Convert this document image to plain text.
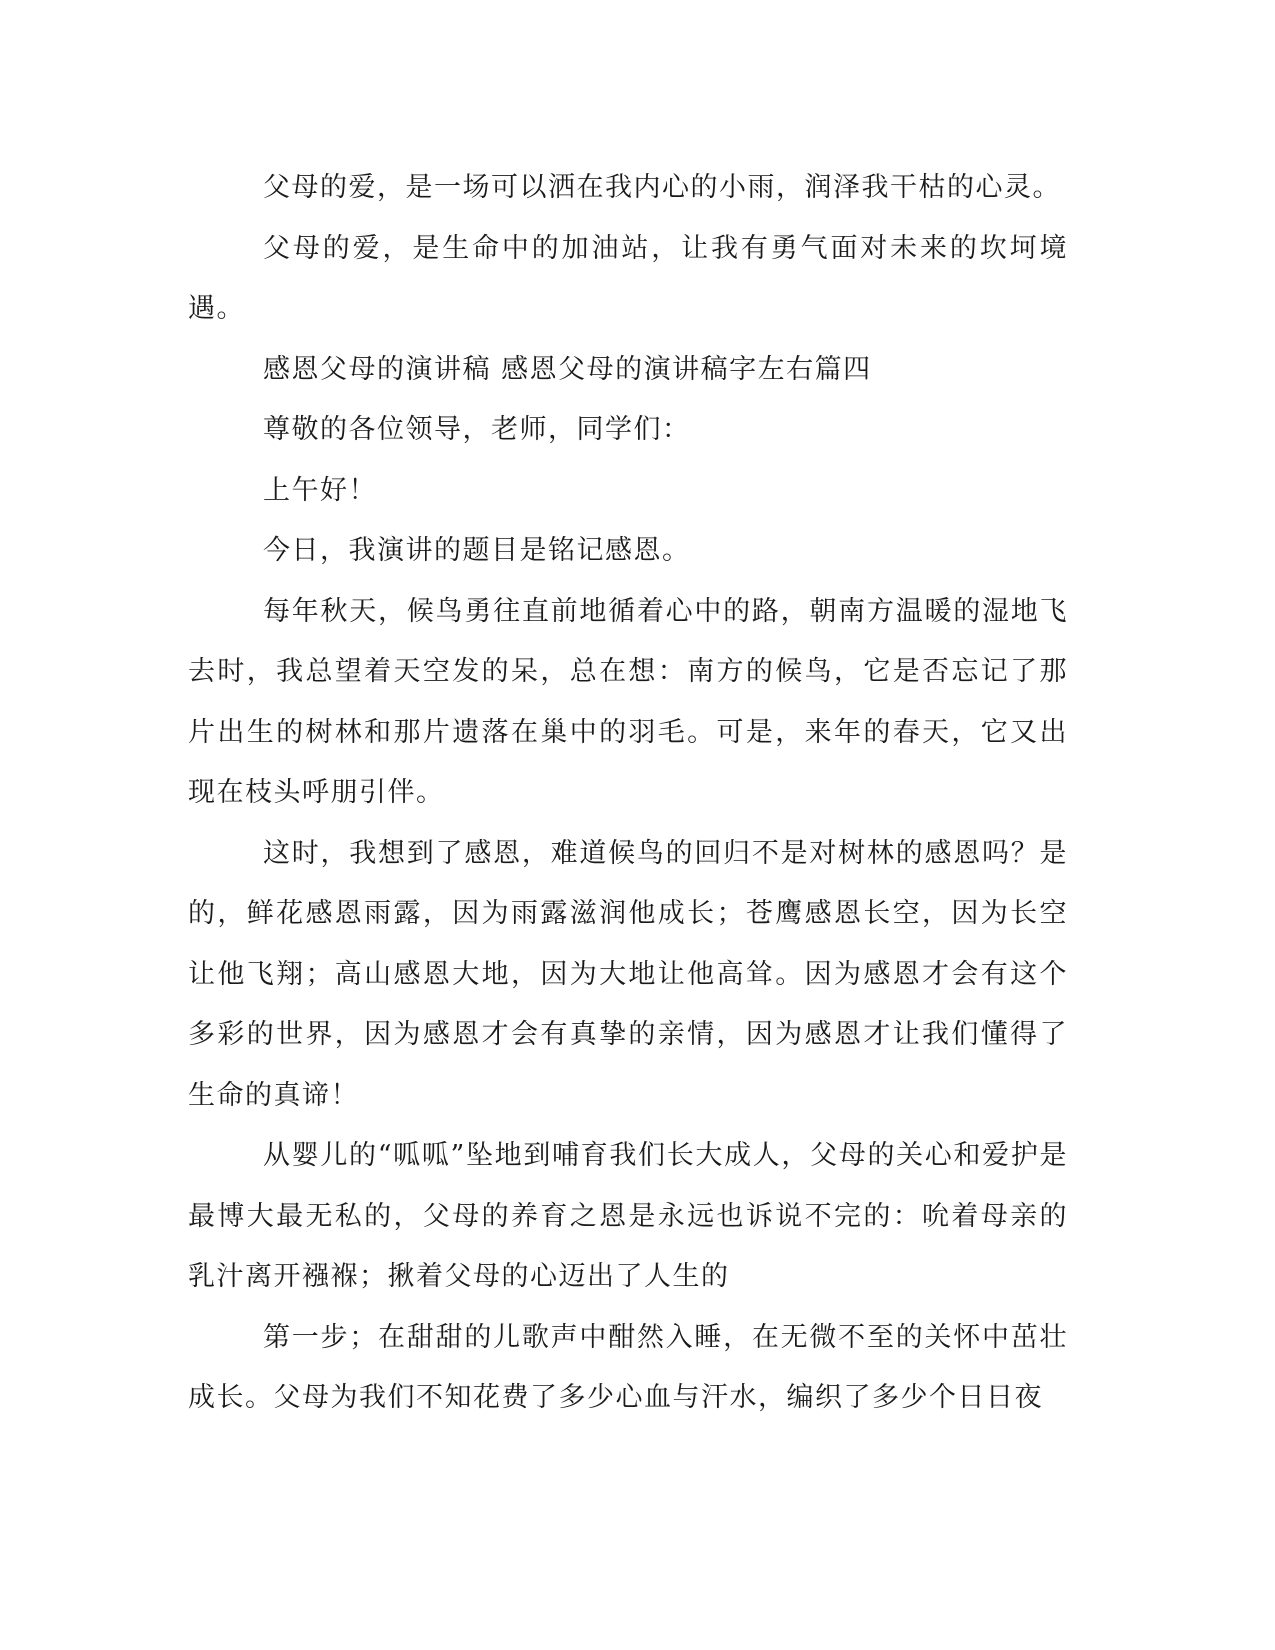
父母的爱，是一场可以洒在我内心的小雨，润泽我干枯的心灵。

父母的爱，是生命中的加油站，让我有勇气面对未来的坎坷境遇。

感恩父母的演讲稿 感恩父母的演讲稿字左右篇四

尊敬的各位领导，老师，同学们：

上午好！

今日，我演讲的题目是铭记感恩。

每年秋天，候鸟勇往直前地循着心中的路，朝南方温暖的湿地飞去时，我总望着天空发的呆，总在想：南方的候鸟，它是否忘记了那片出生的树林和那片遗落在巢中的羽毛。可是，来年的春天，它又出现在枝头呼朋引伴。

这时，我想到了感恩，难道候鸟的回归不是对树林的感恩吗？是的，鲜花感恩雨露，因为雨露滋润他成长；苍鹰感恩长空，因为长空让他飞翔；高山感恩大地，因为大地让他高耸。因为感恩才会有这个多彩的世界，因为感恩才会有真挚的亲情，因为感恩才让我们懂得了生命的真谛！

从婴儿的“呱呱”坠地到哺育我们长大成人，父母的关心和爱护是最博大最无私的，父母的养育之恩是永远也诉说不完的：吮着母亲的乳汁离开襁褓；揪着父母的心迈出了人生的

第一步；在甜甜的儿歌声中酣然入睡，在无微不至的关怀中茁壮成长。父母为我们不知花费了多少心血与汗水，编织了多少个日日夜
